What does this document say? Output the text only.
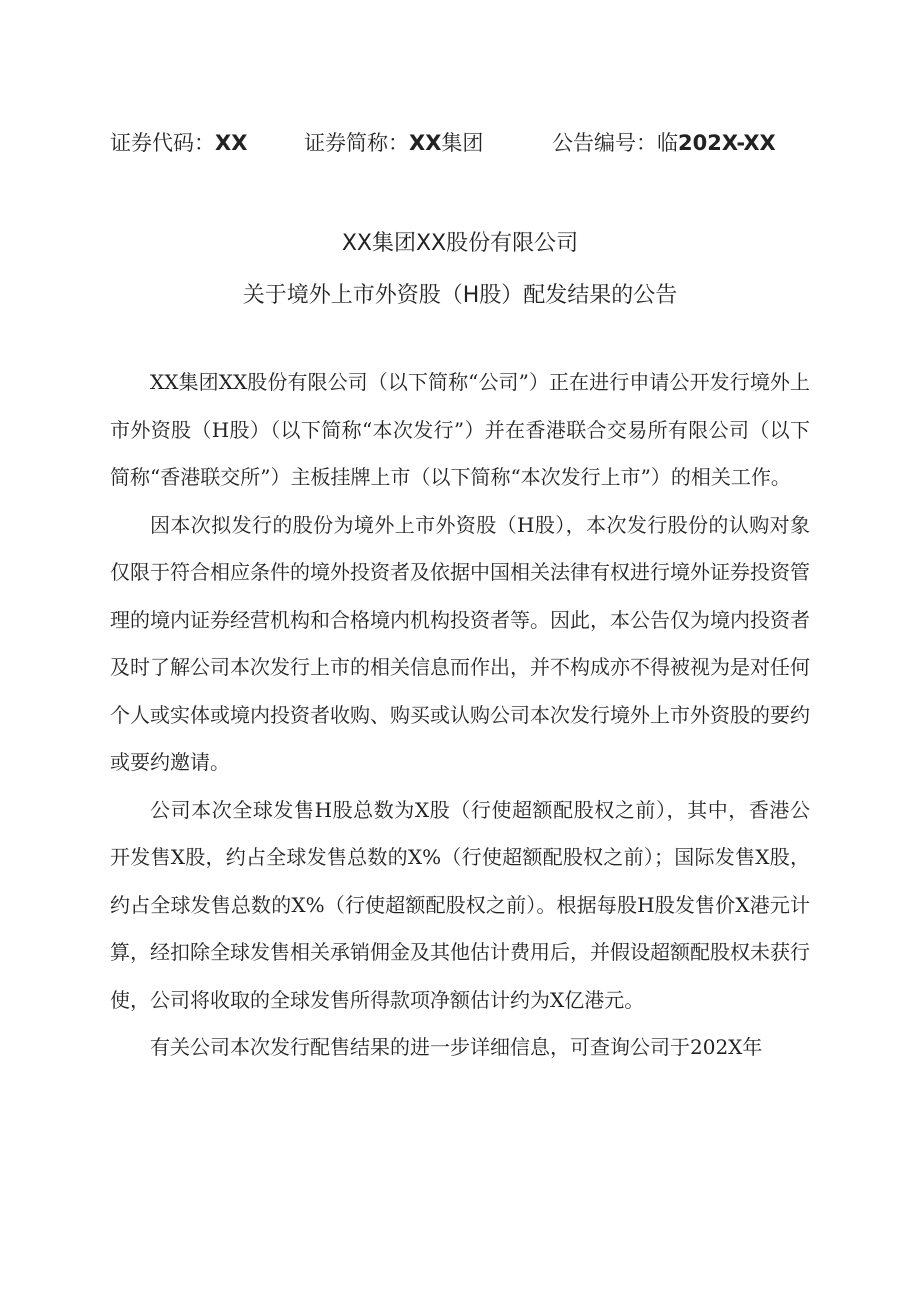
证券代码：XX	证券简称：XX集团	公告编号：临202X-XX
XX集团XX股份有限公司
关于境外上市外资股（H股）配发结果的公告

XX集团XX股份有限公司（以下简称“公司”）正在进行申请公开发行境外上市外资股（H股）（以下简称“本次发行”）并在香港联合交易所有限公司（以下简称“香港联交所”）主板挂牌上市（以下简称“本次发行上市”）的相关工作。

因本次拟发行的股份为境外上市外资股（H股），本次发行股份的认购对象仅限于符合相应条件的境外投资者及依据中国相关法律有权进行境外证券投资管理的境内证券经营机构和合格境内机构投资者等。因此，本公告仅为境内投资者及时了解公司本次发行上市的相关信息而作出，并不构成亦不得被视为是对任何个人或实体或境内投资者收购、购买或认购公司本次发行境外上市外资股的要约或要约邀请。

公司本次全球发售H股总数为X股（行使超额配股权之前），其中，香港公开发售X股，约占全球发售总数的X%（行使超额配股权之前）；国际发售X股，约占全球发售总数的X%（行使超额配股权之前）。根据每股H股发售价X港元计算，经扣除全球发售相关承销佣金及其他估计费用后，并假设超额配股权未获行使，公司将收取的全球发售所得款项净额估计约为X亿港元。

有关公司本次发行配售结果的进一步详细信息，可查询公司于202X年
